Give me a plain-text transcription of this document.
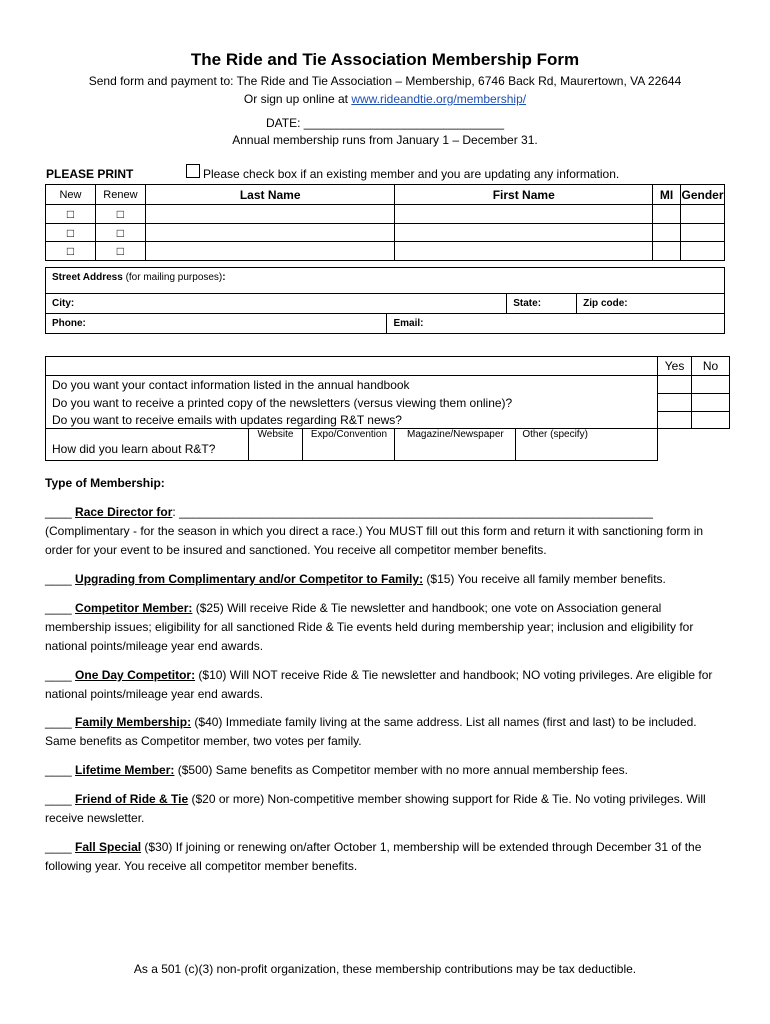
The Ride and Tie Association Membership Form
Send form and payment to: The Ride and Tie Association – Membership, 6746 Back Rd, Maurertown, VA 22644
Or sign up online at www.rideandtie.org/membership/
DATE: ______________________________
Annual membership runs from January 1 – December 31.
PLEASE PRINT	Please check box if an existing member and you are updating any information.
New	Renew	Last Name	First Name	MI	Gender
□	□				
□	□				
□	□				
Street Address (for mailing purposes):			
City:		State:	Zip code:
Phone:	Email:		
					Yes	No
Do you want your contact information listed in the annual handbook						
Do you want to receive a printed copy of the newsletters (versus viewing them online)?						
Do you want to receive emails with updates regarding R&T news?						
How did you learn about R&T?	Website	Expo/Convention	Magazine/Newspaper	Other (specify)		
Type of Membership:

____ Race Director for: _______________________________________________________________________

(Complimentary - for the season in which you direct a race.) You MUST fill out this form and return it with sanctioning form in order for your event to be insured and sanctioned. You receive all competitor member benefits.

____ Upgrading from Complimentary and/or Competitor to Family: ($15) You receive all family member benefits.

____ Competitor Member: ($25) Will receive Ride & Tie newsletter and handbook; one vote on Association general membership issues; eligibility for all sanctioned Ride & Tie events held during membership year; inclusion and eligibility for national points/mileage year end awards.

____ One Day Competitor: ($10) Will NOT receive Ride & Tie newsletter and handbook; NO voting privileges. Are eligible for national points/mileage year end awards.

____ Family Membership: ($40) Immediate family living at the same address. List all names (first and last) to be included. Same benefits as Competitor member, two votes per family.

____ Lifetime Member: ($500) Same benefits as Competitor member with no more annual membership fees.

____ Friend of Ride & Tie ($20 or more) Non-competitive member showing support for Ride & Tie. No voting privileges. Will receive newsletter.

____ Fall Special ($30) If joining or renewing on/after October 1, membership will be extended through December 31 of the following year. You receive all competitor member benefits.

As a 501 (c)(3) non-profit organization, these membership contributions may be tax deductible.
